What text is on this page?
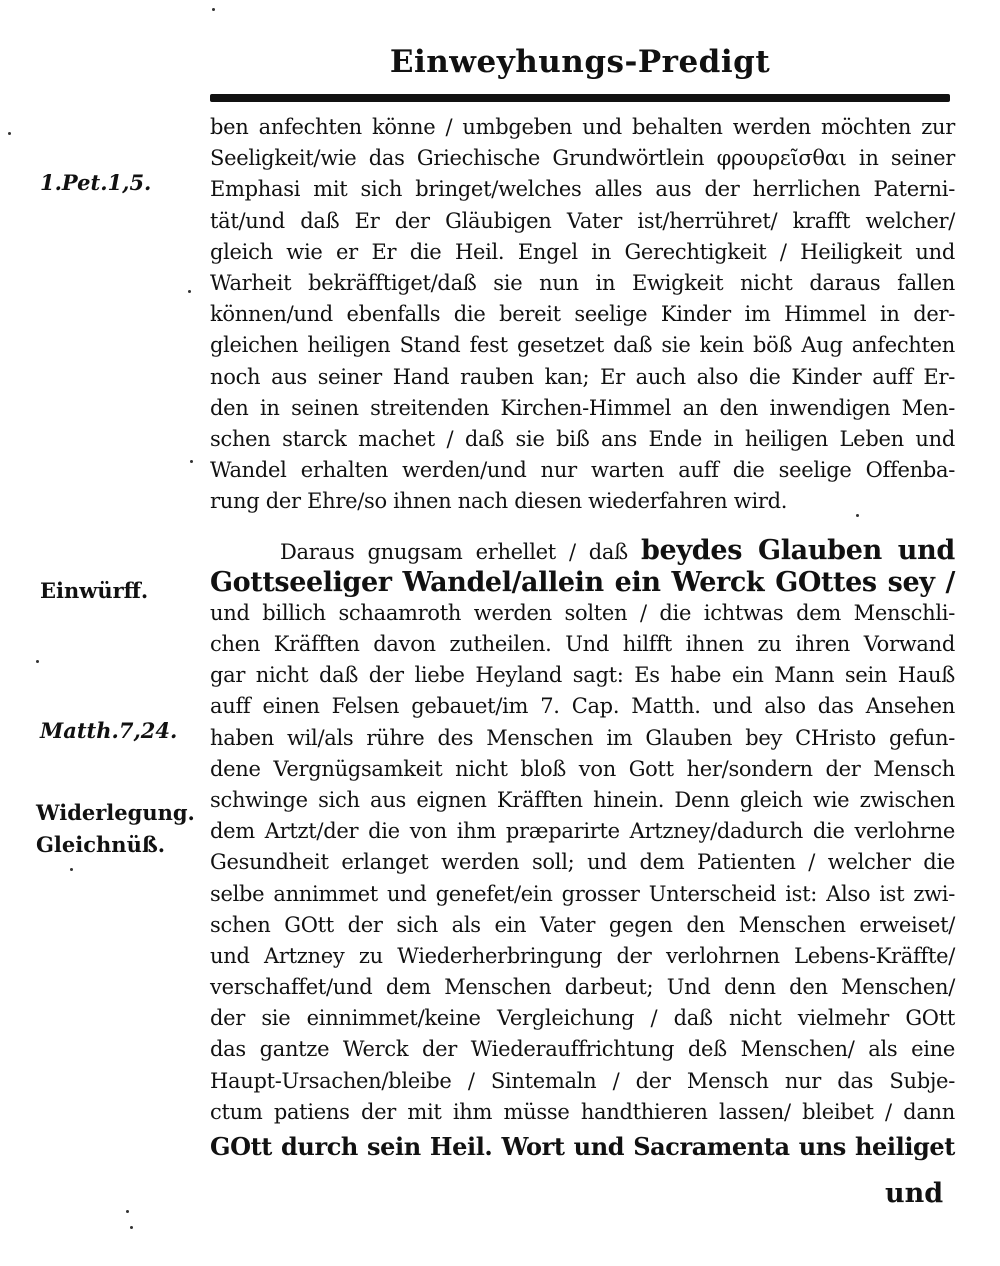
Einweyhungs-Predigt
1.Pet.1,5.
Einwürff.
Matth.7,24.
Widerlegung.
Gleichnüß.
ben anfechten könne / umbgeben und behalten werden möchten zur
Seeligkeit/wie das Griechische Grundwörtlein φρουρεῖσθαι in seiner
Emphasi mit sich bringet/welches alles aus der herrlichen Paterni-
tät/und daß Er der Gläubigen Vater ist/herrühret/ krafft welcher/
gleich wie er Er die Heil. Engel in Gerechtigkeit / Heiligkeit und
Warheit bekräfftiget/daß sie nun in Ewigkeit nicht daraus fallen
können/und ebenfalls die bereit seelige Kinder im Himmel in der-
gleichen heiligen Stand fest gesetzet daß sie kein böß Aug anfechten
noch aus seiner Hand rauben kan; Er auch also die Kinder auff Er-
den in seinen streitenden Kirchen-Himmel an den inwendigen Men-
schen starck machet / daß sie biß ans Ende in heiligen Leben und
Wandel erhalten werden/und nur warten auff die seelige Offenba-
rung der Ehre/so ihnen nach diesen wiederfahren wird.
Daraus gnugsam erhellet / daß beydes Glauben und
Gottseeliger Wandel/allein ein Werck GOttes sey /
und billich schaamroth werden solten / die ichtwas dem Menschli-
chen Kräfften davon zutheilen. Und hilfft ihnen zu ihren Vorwand
gar nicht daß der liebe Heyland sagt: Es habe ein Mann sein Hauß
auff einen Felsen gebauet/im 7. Cap. Matth. und also das Ansehen
haben wil/als rühre des Menschen im Glauben bey CHristo gefun-
dene Vergnügsamkeit nicht bloß von Gott her/sondern der Mensch
schwinge sich aus eignen Kräfften hinein. Denn gleich wie zwischen
dem Artzt/der die von ihm præparirte Artzney/dadurch die verlohrne
Gesundheit erlanget werden soll; und dem Patienten / welcher die
selbe annimmet und genefet/ein grosser Unterscheid ist: Also ist zwi-
schen GOtt der sich als ein Vater gegen den Menschen erweiset/
und Artzney zu Wiederherbringung der verlohrnen Lebens-Kräffte/
verschaffet/und dem Menschen darbeut; Und denn den Menschen/
der sie einnimmet/keine Vergleichung / daß nicht vielmehr GOtt
das gantze Werck der Wiederauffrichtung deß Menschen/ als eine
Haupt-Ursachen/bleibe / Sintemaln / der Mensch nur das Subje-
ctum patiens der mit ihm müsse handthieren lassen/ bleibet / dann
GOtt durch sein Heil. Wort und Sacramenta uns heiliget
und
